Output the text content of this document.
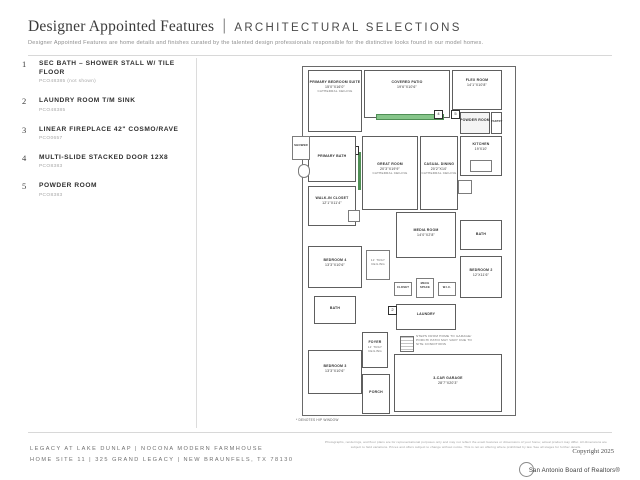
Designer Appointed Features | ARCHITECTURAL SELECTIONS
Designer Appointed Features are home details and finishes curated by the talented design professionals responsible for the distinctive looks found in our model homes.
1	SEC BATH – SHOWER STALL W/ TILE FLOOR
PCO48385 (not shown)
2	LAUNDRY ROOM T/M SINK
PCO48385
3	LINEAR FIREPLACE 42" COSMO/RAVE
PCO0657
4	MULTI-SLIDE STACKED DOOR 12X8
PCO8383
5	POWDER ROOM
PCO8383
PRIMARY BEDROOM SUITE
15'0"X16'0"
CATHEDRAL CEILING
COVERED PATIO
19'6"X10'6"
FLEX ROOM
14'1"X10'8"
4
POWDER ROOM
5
PANTRY
KITCHEN
19'X10'
GREAT ROOM
20'3"X19'9"
CATHEDRAL CEILING
CASUAL DINING
20'2"X10'
CATHEDRAL CEILING
PRIMARY BATH
SHOWER
WALK-IN CLOSET
12'1"X11'4"
MEDIA ROOM
14'0"X2'8"	BATH
BEDROOM 4
13'3"X10'6"
11' TRAY CEILING
BEDROOM 2
12'X11'6"
CLOSET
MECH SPACE	W.I.C.
LAUNDRY
2
BATH
STEPS FROM HOME TO GARAGE/ PORCH/ PATIO MAY VARY DUE TO SITE CONDITIONS
3-CAR GARAGE
28'7"X20'3"
FOYER
11' TRAY CEILING
BEDROOM 3
13'3"X10'6"
PORCH
* DENOTES HIP WINDOW
LEGACY AT LAKE DUNLAP | NOCONA MODERN FARMHOUSE
HOME SITE 11 | 325 GRAND LEGACY | NEW BRAUNFELS, TX 78130
Photographs, renderings, and floor plans are for representational purposes only and may not reflect the exact features or dimensions of your home; actual product may differ. All dimensions are subject to field variations. Prices and offers subject to change without notice. This is not an offering where prohibited by law. See all stages for further details.
Copyright 2025
San Antonio Board of Realtors®
